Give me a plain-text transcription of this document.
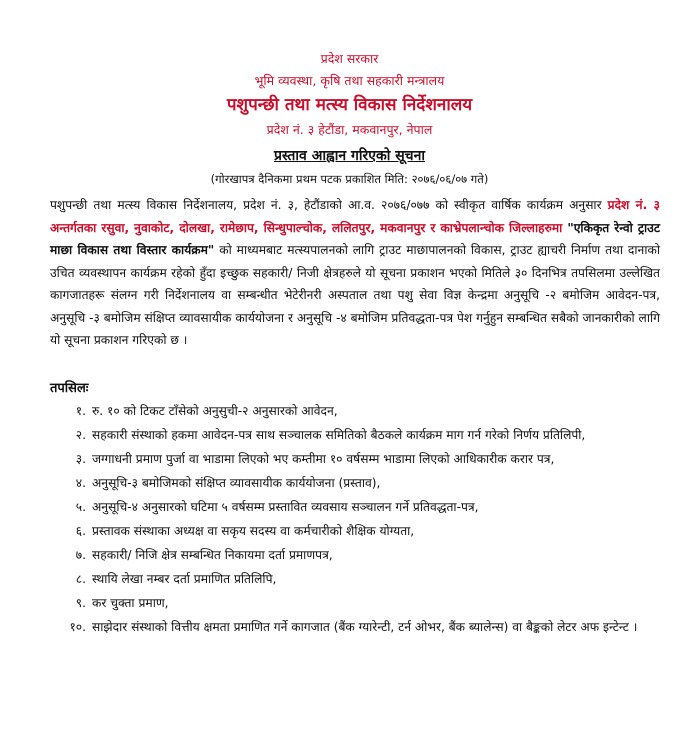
प्रदेश सरकार
भूमि व्यवस्था, कृषि तथा सहकारी मन्त्रालय
पशुपन्छी तथा मत्स्य विकास निर्देशनालय
प्रदेश नं. ३ हेटौंडा, मकवानपुर, नेपाल
प्रस्ताव आह्वान गरिएको सूचना
(गोरखापत्र दैनिकमा प्रथम पटक प्रकाशित मिति: २०७६/०६/०७ गते)
पशुपन्छी तथा मत्स्य विकास निर्देशनालय, प्रदेश नं. ३, हेटौंडाको आ.व. २०७६/०७७ को स्वीकृत वार्षिक कार्यक्रम अनुसार प्रदेश नं. ३ अन्तर्गतका रसुवा, नुवाकोट, दोलखा, रामेछाप, सिन्धुपाल्चोक, ललितपुर, मकवानपुर र काभ्रेपलान्चोक जिल्लाहरुमा "एकिकृत रेन्वो ट्राउट माछा विकास तथा विस्तार कार्यक्रम" को माध्यमबाट मत्स्यपालनको लागि ट्राउट माछापालनको विकास, ट्राउट ह्याचरी निर्माण तथा दानाको उचित व्यवस्थापन कार्यक्रम रहेको हुँदा इच्छुक सहकारी/ निजी क्षेत्रहरुले यो सूचना प्रकाशन भएको मितिले ३० दिनभित्र तपसिलमा उल्लेखित कागजातहरू संलग्न गरी निर्देशनालय वा सम्बन्धीत भेटेरीनरी अस्पताल तथा पशु सेवा विज्ञ केन्द्रमा अनुसूचि -२ बमोजिम आवेदन-पत्र, अनुसूचि -३ बमोजिम संक्षिप्त व्यावसायीक कार्ययोजना र अनुसूचि -४ बमोजिम प्रतिवद्धता-पत्र पेश गर्नुहुन सम्बन्धित सबैको जानकारीको लागि यो सूचना प्रकाशन गरिएको छ ।
तपसिलः
१. रु. १० को टिकट टाँसेको अनुसुची-२ अनुसारको आवेदन,
२. सहकारी संस्थाको हकमा आवेदन-पत्र साथ सञ्चालक समितिको बैठकले कार्यक्रम माग गर्न गरेको निर्णय प्रतिलिपी,
३. जग्गाधनी प्रमाण पुर्जा वा भाडामा लिएको भए कम्तीमा १० वर्षसम्म भाडामा लिएको आधिकारीक करार पत्र,
४. अनुसूचि-३ बमोजिमको संक्षिप्त व्यावसायीक कार्ययोजना (प्रस्ताव),
५. अनुसूचि-४ अनुसारको घटिमा ५ वर्षसम्म प्रस्तावित व्यवसाय सञ्चालन गर्ने प्रतिवद्धता-पत्र,
६. प्रस्तावक संस्थाका अध्यक्ष वा सकृय सदस्य वा कर्मचारीको शैक्षिक योग्यता,
७. सहकारी/ निजि क्षेत्र सम्बन्धित निकायमा दर्ता प्रमाणपत्र,
८. स्थायि लेखा नम्बर दर्ता प्रमाणित प्रतिलिपि,
९. कर चुक्ता प्रमाण,
१०. साझेदार संस्थाको वित्तीय क्षमता प्रमाणित गर्ने कागजात (बैंक ग्यारेन्टी, टर्न ओभर, बैंक ब्यालेन्स) वा बैङ्कको लेटर अफ इन्टेन्ट ।
